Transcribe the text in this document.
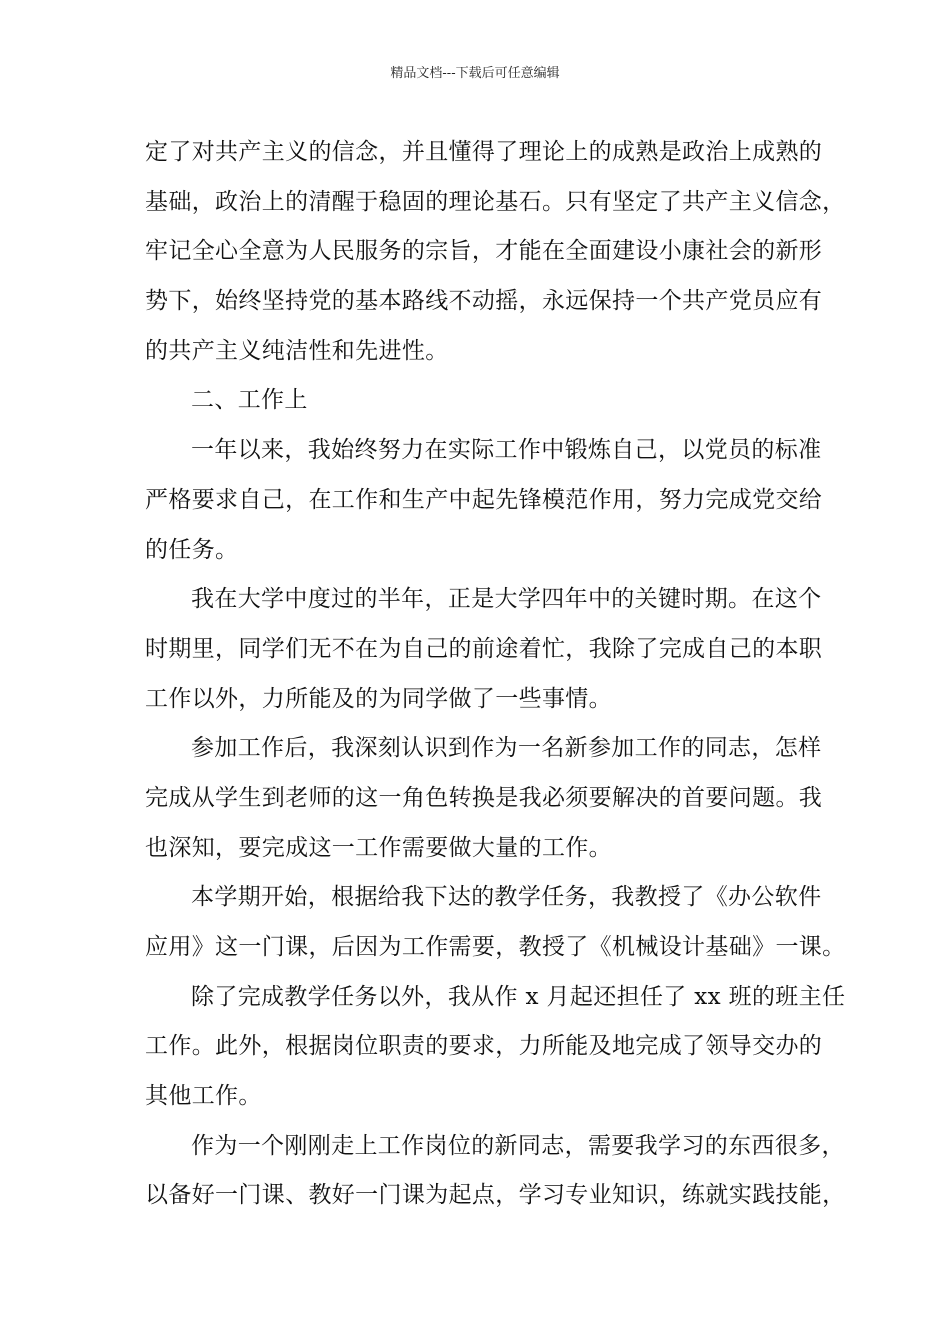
精品文档---下载后可任意编辑
定了对共产主义的信念，并且懂得了理论上的成熟是政治上成熟的
基础，政治上的清醒于稳固的理论基石。只有坚定了共产主义信念，
牢记全心全意为人民服务的宗旨，才能在全面建设小康社会的新形
势下，始终坚持党的基本路线不动摇，永远保持一个共产党员应有
的共产主义纯洁性和先进性。
二、工作上
一年以来，我始终努力在实际工作中锻炼自己，以党员的标准
严格要求自己，在工作和生产中起先锋模范作用，努力完成党交给
的任务。
我在大学中度过的半年，正是大学四年中的关键时期。在这个
时期里，同学们无不在为自己的前途着忙，我除了完成自己的本职
工作以外，力所能及的为同学做了一些事情。
参加工作后，我深刻认识到作为一名新参加工作的同志，怎样
完成从学生到老师的这一角色转换是我必须要解决的首要问题。我
也深知，要完成这一工作需要做大量的工作。
本学期开始，根据给我下达的教学任务，我教授了《办公软件
应用》这一门课，后因为工作需要，教授了《机械设计基础》一课。
除了完成教学任务以外，我从作 x 月起还担任了 xx 班的班主任
工作。此外，根据岗位职责的要求，力所能及地完成了领导交办的
其他工作。
作为一个刚刚走上工作岗位的新同志，需要我学习的东西很多，
以备好一门课、教好一门课为起点，学习专业知识，练就实践技能，
